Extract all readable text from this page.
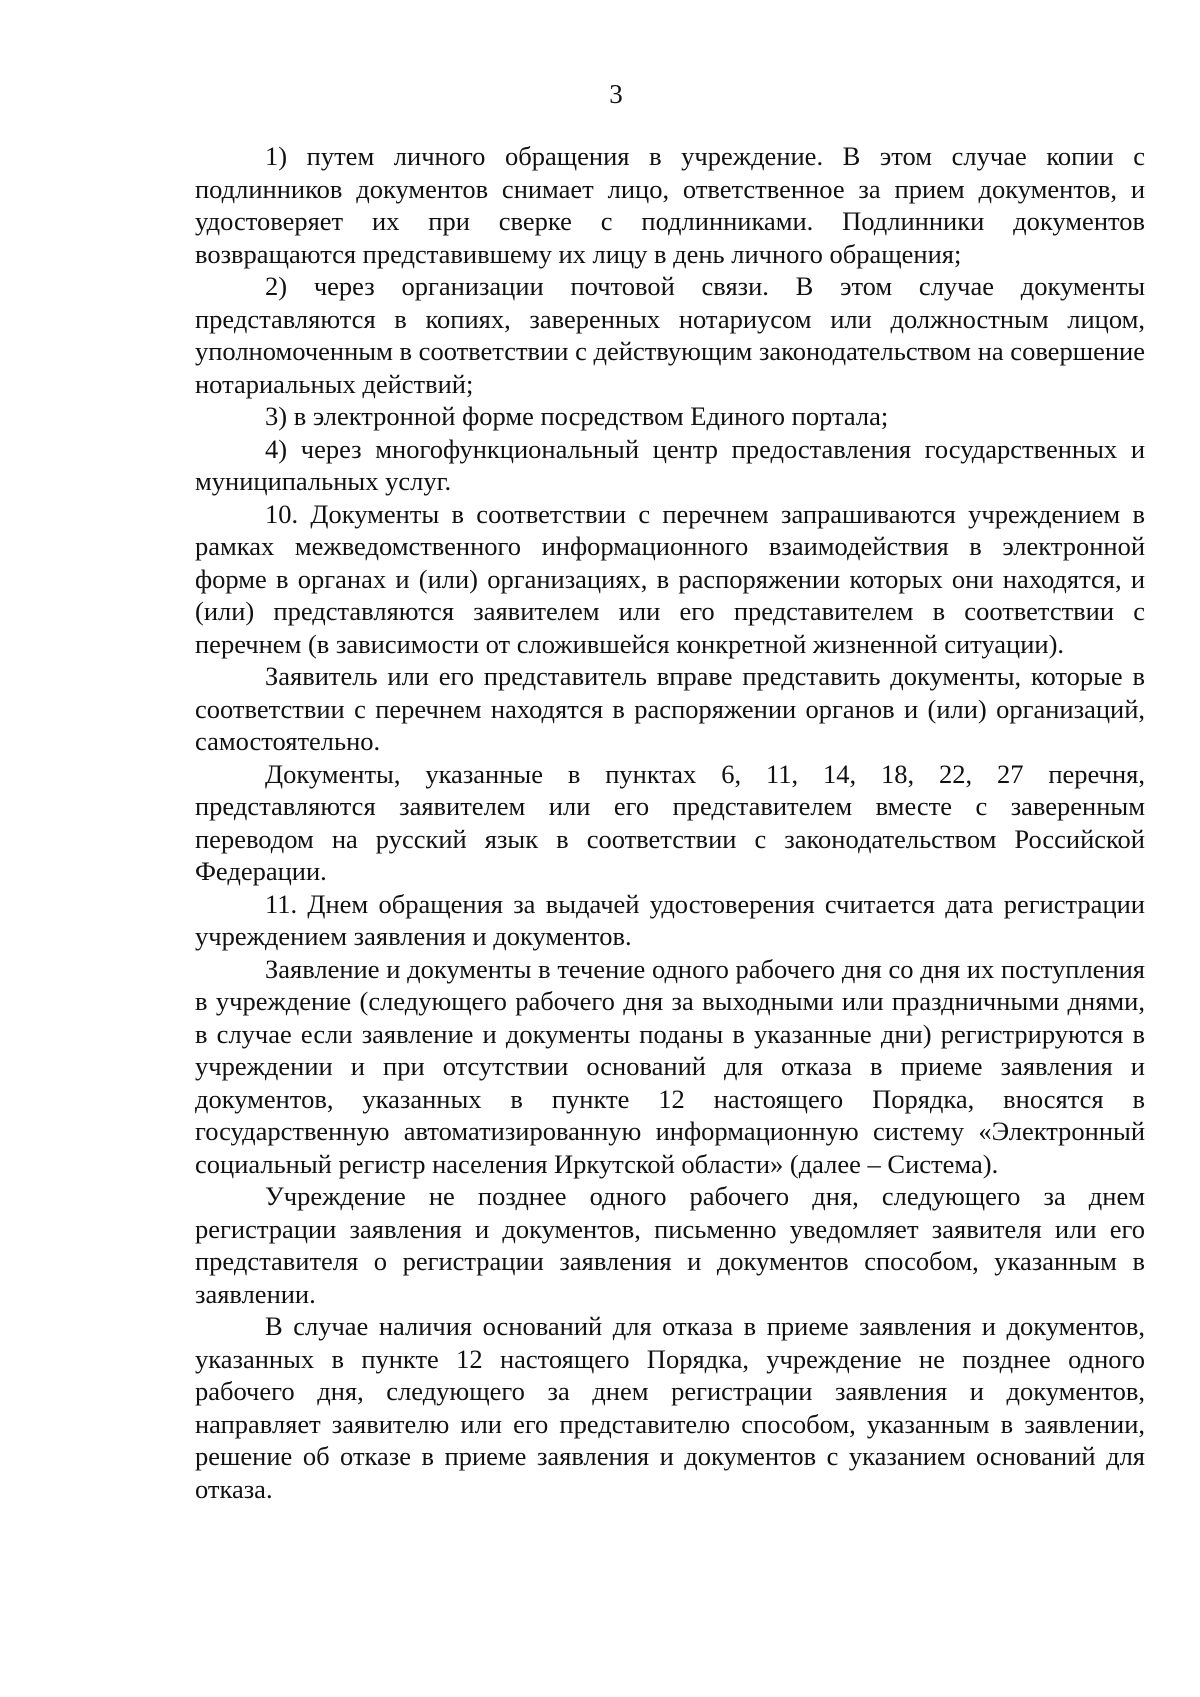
3

1) путем личного обращения в учреждение. В этом случае копии с подлинников документов снимает лицо, ответственное за прием документов, и удостоверяет их при сверке с подлинниками. Подлинники документов возвращаются представившему их лицу в день личного обращения;

2) через организации почтовой связи. В этом случае документы представляются в копиях, заверенных нотариусом или должностным лицом, уполномоченным в соответствии с действующим законодательством на совершение нотариальных действий;

3) в электронной форме посредством Единого портала;

4) через многофункциональный центр предоставления государственных и муниципальных услуг.

10. Документы в соответствии с перечнем запрашиваются учреждением в рамках межведомственного информационного взаимодействия в электронной форме в органах и (или) организациях, в распоряжении которых они находятся, и (или) представляются заявителем или его представителем в соответствии с перечнем (в зависимости от сложившейся конкретной жизненной ситуации).

Заявитель или его представитель вправе представить документы, которые в соответствии с перечнем находятся в распоряжении органов и (или) организаций, самостоятельно.

Документы, указанные в пунктах 6, 11, 14, 18, 22, 27 перечня, представляются заявителем или его представителем вместе с заверенным переводом на русский язык в соответствии с законодательством Российской Федерации.

11. Днем обращения за выдачей удостоверения считается дата регистрации учреждением заявления и документов.

Заявление и документы в течение одного рабочего дня со дня их поступления в учреждение (следующего рабочего дня за выходными или праздничными днями, в случае если заявление и документы поданы в указанные дни) регистрируются в учреждении и при отсутствии оснований для отказа в приеме заявления и документов, указанных в пункте 12 настоящего Порядка, вносятся в государственную автоматизированную информационную систему «Электронный социальный регистр населения Иркутской области» (далее – Система).

Учреждение не позднее одного рабочего дня, следующего за днем регистрации заявления и документов, письменно уведомляет заявителя или его представителя о регистрации заявления и документов способом, указанным в заявлении.

В случае наличия оснований для отказа в приеме заявления и документов, указанных в пункте 12 настоящего Порядка, учреждение не позднее одного рабочего дня, следующего за днем регистрации заявления и документов, направляет заявителю или его представителю способом, указанным в заявлении, решение об отказе в приеме заявления и документов с указанием оснований для отказа.
